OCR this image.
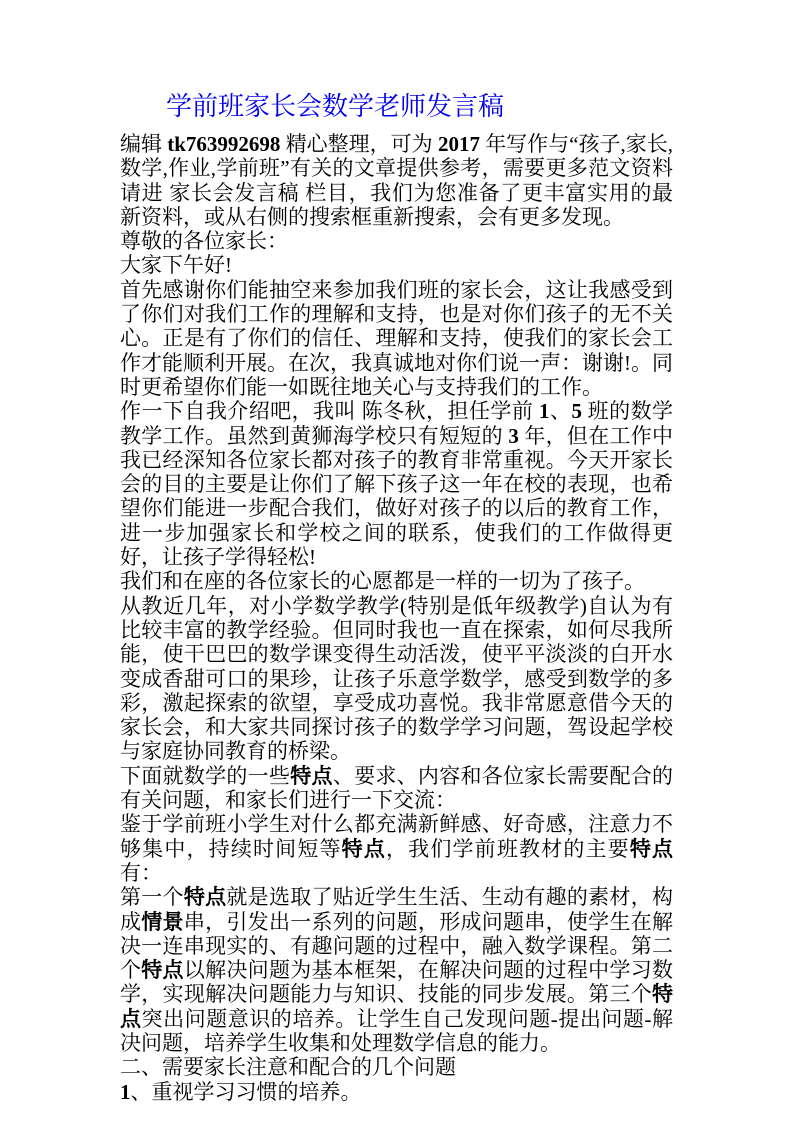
学前班家长会数学老师发言稿

编辑 tk763992698 精心整理，可为 2017 年写作与“孩子,家长,数学,作业,学前班”有关的文章提供参考，需要更多范文资料请进 家长会发言稿 栏目，我们为您准备了更丰富实用的最新资料，或从右侧的搜索框重新搜索，会有更多发现。

尊敬的各位家长：

大家下午好!

首先感谢你们能抽空来参加我们班的家长会，这让我感受到了你们对我们工作的理解和支持，也是对你们孩子的无不关心。正是有了你们的信任、理解和支持，使我们的家长会工作才能顺利开展。在次，我真诚地对你们说一声：谢谢!。同时更希望你们能一如既往地关心与支持我们的工作。

作一下自我介绍吧，我叫 陈冬秋，担任学前 1、5 班的数学教学工作。虽然到黄狮海学校只有短短的 3 年，但在工作中我已经深知各位家长都对孩子的教育非常重视。今天开家长会的目的主要是让你们了解下孩子这一年在校的表现，也希望你们能进一步配合我们，做好对孩子的以后的教育工作，进一步加强家长和学校之间的联系，使我们的工作做得更好，让孩子学得轻松!

我们和在座的各位家长的心愿都是一样的一切为了孩子。

从教近几年，对小学数学教学(特别是低年级教学)自认为有比较丰富的教学经验。但同时我也一直在探索，如何尽我所能，使干巴巴的数学课变得生动活泼，使平平淡淡的白开水变成香甜可口的果珍，让孩子乐意学数学，感受到数学的多彩，激起探索的欲望，享受成功喜悦。我非常愿意借今天的家长会，和大家共同探讨孩子的数学学习问题，驾设起学校与家庭协同教育的桥梁。

下面就数学的一些特点、要求、内容和各位家长需要配合的有关问题，和家长们进行一下交流：

鉴于学前班小学生对什么都充满新鲜感、好奇感，注意力不够集中，持续时间短等特点，我们学前班教材的主要特点有：

第一个特点就是选取了贴近学生生活、生动有趣的素材，构成情景串，引发出一系列的问题，形成问题串，使学生在解决一连串现实的、有趣问题的过程中，融入数学课程。第二个特点以解决问题为基本框架，在解决问题的过程中学习数学，实现解决问题能力与知识、技能的同步发展。第三个特点突出问题意识的培养。让学生自己发现问题-提出问题-解决问题，培养学生收集和处理数学信息的能力。

二、需要家长注意和配合的几个问题

1、重视学习习惯的培养。
